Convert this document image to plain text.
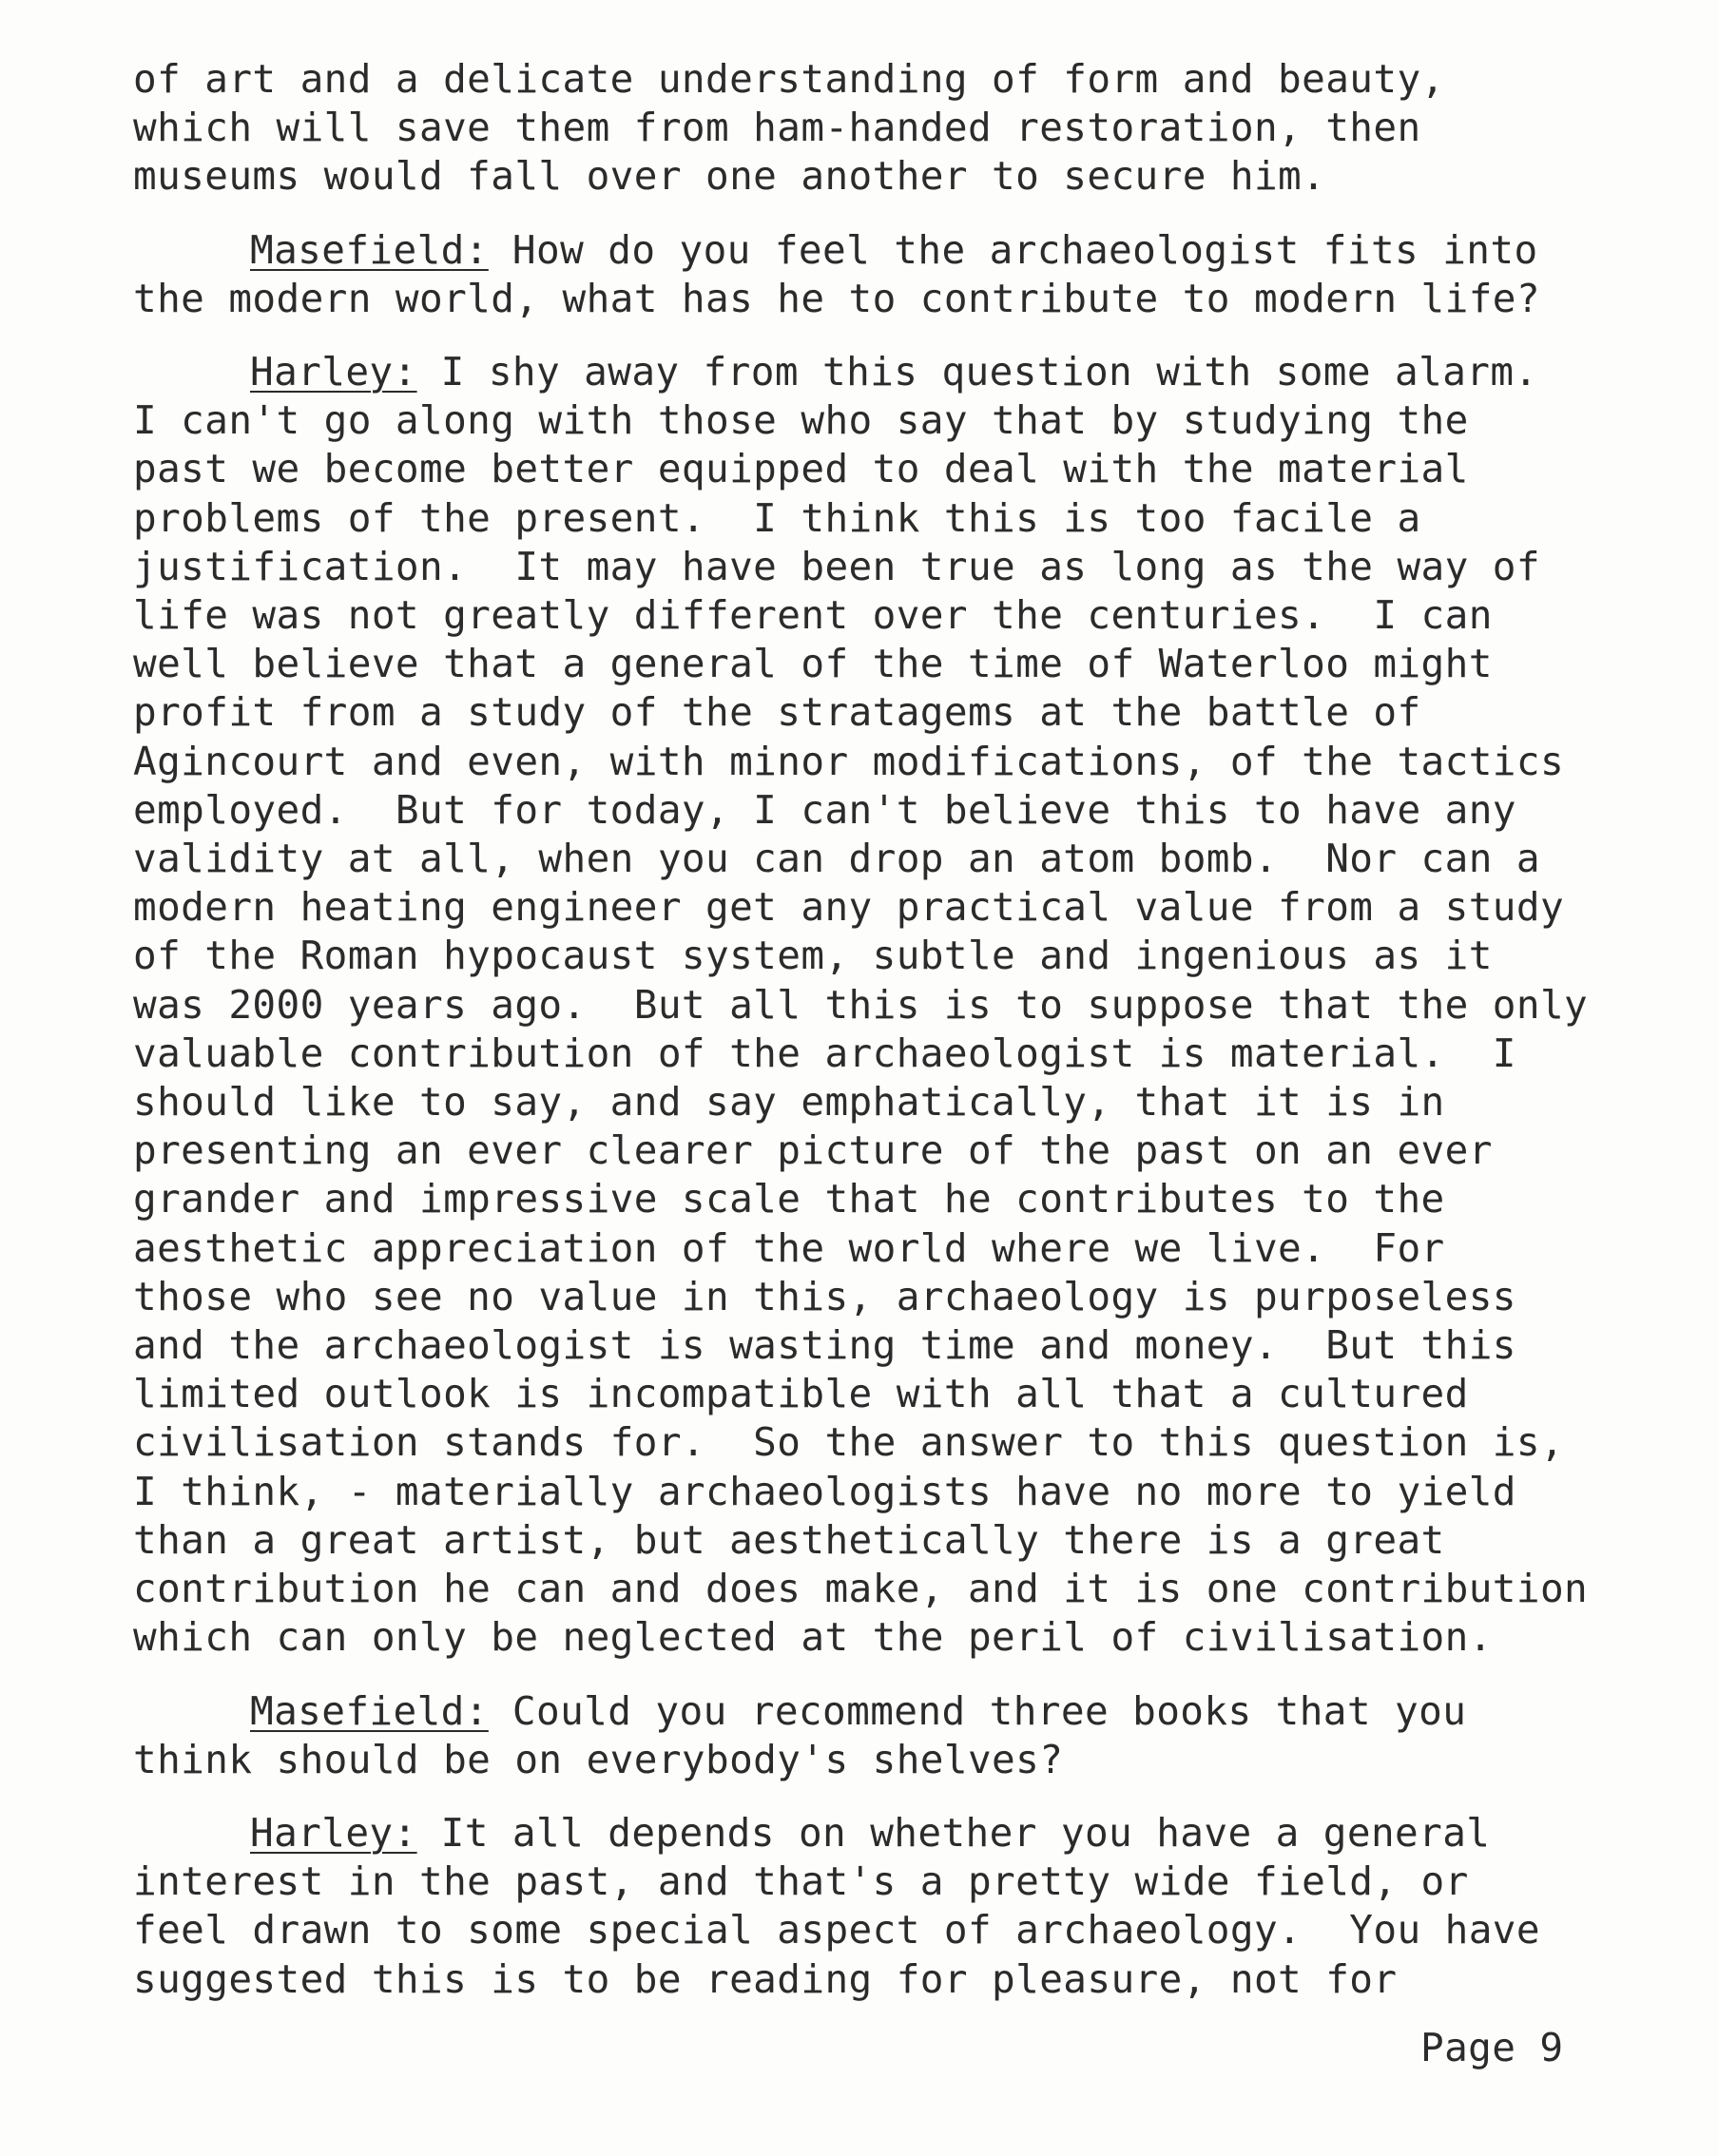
of art and a delicate understanding of form and beauty,
which will save them from ham-handed restoration, then
museums would fall over one another to secure him.
Masefield: How do you feel the archaeologist fits into
the modern world, what has he to contribute to modern life?
Harley: I shy away from this question with some alarm.
I can't go along with those who say that by studying the
past we become better equipped to deal with the material
problems of the present.  I think this is too facile a
justification.  It may have been true as long as the way of
life was not greatly different over the centuries.  I can
well believe that a general of the time of Waterloo might
profit from a study of the stratagems at the battle of
Agincourt and even, with minor modifications, of the tactics
employed.  But for today, I can't believe this to have any
validity at all, when you can drop an atom bomb.  Nor can a
modern heating engineer get any practical value from a study
of the Roman hypocaust system, subtle and ingenious as it
was 2000 years ago.  But all this is to suppose that the only
valuable contribution of the archaeologist is material.  I
should like to say, and say emphatically, that it is in
presenting an ever clearer picture of the past on an ever
grander and impressive scale that he contributes to the
aesthetic appreciation of the world where we live.  For
those who see no value in this, archaeology is purposeless
and the archaeologist is wasting time and money.  But this
limited outlook is incompatible with all that a cultured
civilisation stands for.  So the answer to this question is,
I think, - materially archaeologists have no more to yield
than a great artist, but aesthetically there is a great
contribution he can and does make, and it is one contribution
which can only be neglected at the peril of civilisation.
Masefield: Could you recommend three books that you
think should be on everybody's shelves?
Harley: It all depends on whether you have a general
interest in the past, and that's a pretty wide field, or
feel drawn to some special aspect of archaeology.  You have
suggested this is to be reading for pleasure, not for
Page 9
